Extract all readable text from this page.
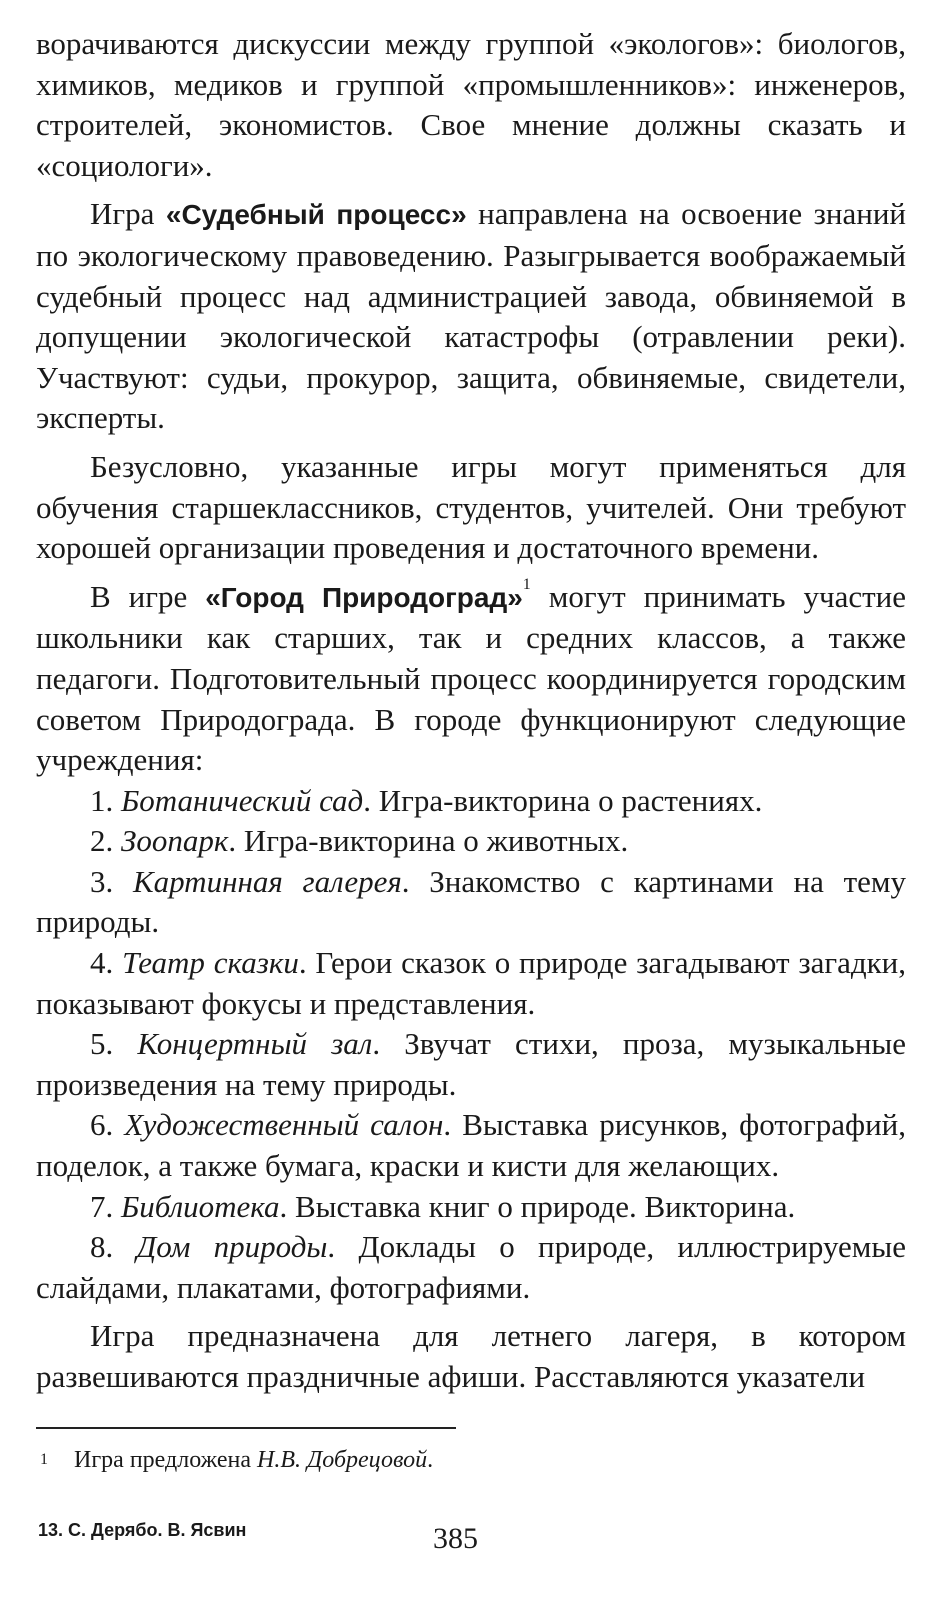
ворачиваются дискуссии между группой «экологов»: биологов, химиков, медиков и группой «промышленников»: инженеров, строителей, экономистов. Свое мнение должны сказать и «социологи».

Игра «Судебный процесс» направлена на освоение знаний по экологическому правоведению. Разыгрывается воображаемый судебный процесс над администрацией завода, обвиняемой в допущении экологической катастрофы (отравлении реки). Участвуют: судьи, прокурор, защита, обвиняемые, свидетели, эксперты.

Безусловно, указанные игры могут применяться для обучения старшеклассников, студентов, учителей. Они требуют хорошей организации проведения и достаточного времени.

В игре «Город Природоград»$^1$ могут принимать участие школьники как старших, так и средних классов, а также педагоги. Подготовительный процесс координируется городским советом Природограда. В городе функционируют следующие учреждения:

1. Ботанический сад. Игра-викторина о растениях.

2. Зоопарк. Игра-викторина о животных.

3. Картинная галерея. Знакомство с картинами на тему природы.

4. Театр сказки. Герои сказок о природе загадывают загадки, показывают фокусы и представления.

5. Концертный зал. Звучат стихи, проза, музыкальные произведения на тему природы.

6. Художественный салон. Выставка рисунков, фотографий, поделок, а также бумага, краски и кисти для желающих.

7. Библиотека. Выставка книг о природе. Викторина.

8. Дом природы. Доклады о природе, иллюстрируемые слайдами, плакатами, фотографиями.

Игра предназначена для летнего лагеря, в котором развешиваются праздничные афиши. Расставляются указатели

1 Игра предложена Н.В. Добрецовой.
13. С. Дерябо. В. Ясвин	385
